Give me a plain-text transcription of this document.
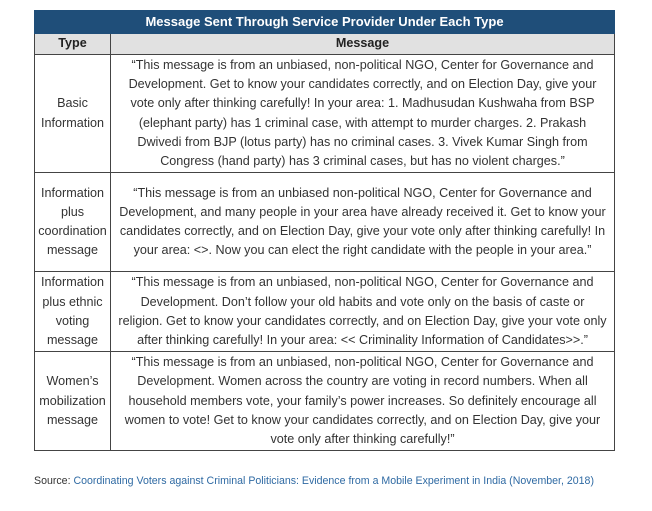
Message Sent Through Service Provider Under Each Type	
Type	Message
Basic Information	“This message is from an unbiased, non-political NGO, Center for Governance and Development. Get to know your candidates correctly, and on Election Day, give your vote only after thinking carefully! In your area: 1. Madhusudan Kushwaha from BSP (elephant party) has 1 criminal case, with attempt to murder charges. 2. Prakash Dwivedi from BJP (lotus party) has no criminal cases. 3. Vivek Kumar Singh from Congress (hand party) has 3 criminal cases, but has no violent charges.”
Information plus coordination message	“This message is from an unbiased non-political NGO, Center for Governance and Development, and many people in your area have already received it. Get to know your candidates correctly, and on Election Day, give your vote only after thinking carefully! In your area: <>. Now you can elect the right candidate with the people in your area.”
Information plus ethnic voting message	“This message is from an unbiased, non-political NGO, Center for Governance and Development. Don’t follow your old habits and vote only on the basis of caste or religion. Get to know your candidates correctly, and on Election Day, give your vote only after thinking carefully! In your area: << Criminality Information of Candidates>>.”
Women’s mobilization message	“This message is from an unbiased, non-political NGO, Center for Governance and Development. Women across the country are voting in record numbers. When all household members vote, your family’s power increases. So definitely encourage all women to vote! Get to know your candidates correctly, and on Election Day, give your vote only after thinking carefully!”
Source: Coordinating Voters against Criminal Politicians: Evidence from a Mobile Experiment in India (November, 2018)
